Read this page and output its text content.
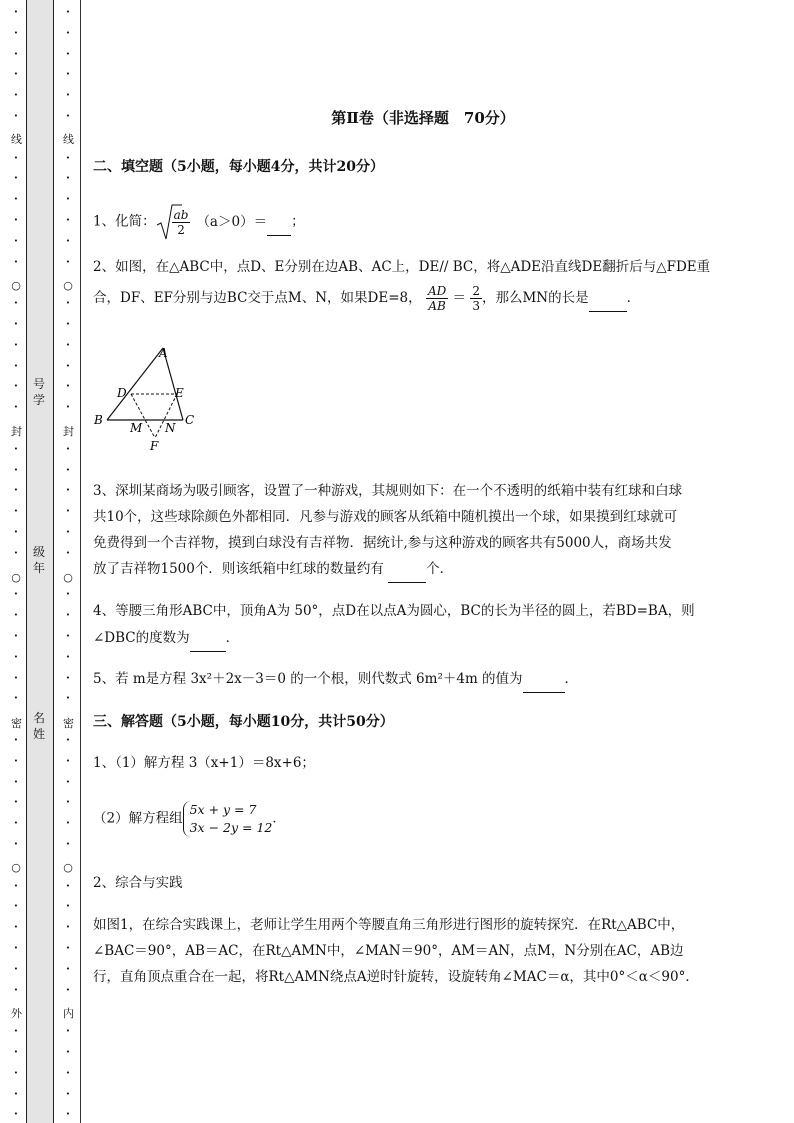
•
•
•
•
•
•
•
•
•
•
•
•
•
•
•
•
•
•
•
•
•
•
•
•
•
•
•
•
•
•
•
•
•
•
•
•
•
•
•
•
•
•
•
•
•
•
•
线
○
封
○
密
○
外
•
•
•
•
•
•
•
•
•
•
•
•
•
•
•
•
•
•
•
•
•
•
•
•
•
•
•
•
•
•
•
•
•
•
•
•
•
•
•
•
•
•
•
•
•
•
•
线
○
封
○
密
○
内
号
学
级
年
名
姓
第Ⅱ卷（非选择题　70分）
二、填空题（5小题，每小题4分，共计20分）
1、化简： $\frac{ab}{2} (a>0)=$ ；
2、如图，在△ABC中，点D、E分别在边AB、AC上，DE// BC，将△ADE沿直线DE翻折后与△FDE重
合，DF、EF分别与边BC交于点M、N，如果DE=8， $\frac{AD}{AB} = \frac{2}{3}$ ，那么MN的长是	．
A
B	C
D	E
F
M N
3、深圳某商场为吸引顾客，设置了一种游戏，其规则如下：在一个不透明的纸箱中装有红球和白球
共10个，这些球除颜色外都相同．凡参与游戏的顾客从纸箱中随机摸出一个球，如果摸到红球就可
免费得到一个吉祥物，摸到白球没有吉祥物．据统计,参与这种游戏的顾客共有5000人，商场共发
放了吉祥物1500个．则该纸箱中红球的数量约有	个．
4、等腰三角形ABC中，顶角A为 50°，点D在以点A为圆心，BC的长为半径的圆上，若BD=BA，则
∠DBC的度数为	．
5、若 m是方程 3x²＋2x－3＝0 的一个根，则代数式 6m²＋4m 的值为	．
三、解答题（5小题，每小题10分，共计50分）
1、（1）解方程 3（x+1）＝8x+6；
（2）解方程组
5x + y = 7
3x − 2y = 12
．
2、综合与实践
如图1，在综合实践课上，老师让学生用两个等腰直角三角形进行图形的旋转探究．在Rt△ABC中，
∠BAC＝90°，AB＝AC，在Rt△AMN中，∠MAN＝90°，AM＝AN，点M，N分别在AC，AB边
行，直角顶点重合在一起，将Rt△AMN绕点A逆时针旋转，设旋转角∠MAC＝α，其中0°＜α＜90°．
